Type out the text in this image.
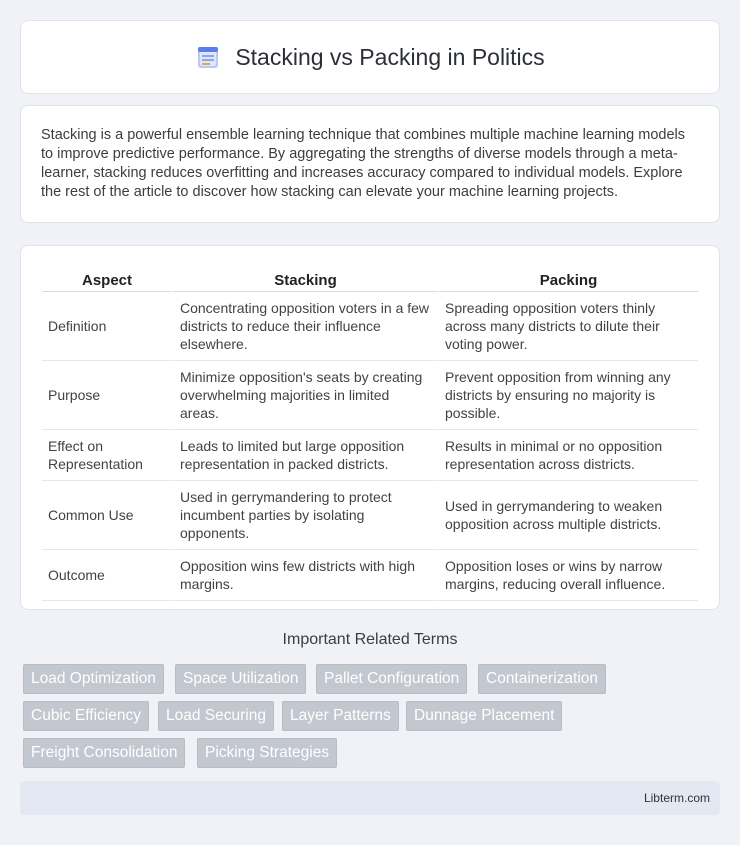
Stacking vs Packing in Politics

Stacking is a powerful ensemble learning technique that combines multiple machine learning models to improve predictive performance. By aggregating the strengths of diverse models through a meta-learner, stacking reduces overfitting and increases accuracy compared to individual models. Explore the rest of the article to discover how stacking can elevate your machine learning projects.

Aspect	Stacking	Packing
Definition	Concentrating opposition voters in a few districts to reduce their influence elsewhere.	Spreading opposition voters thinly across many districts to dilute their voting power.
Purpose	Minimize opposition's seats by creating overwhelming majorities in limited areas.	Prevent opposition from winning any districts by ensuring no majority is possible.
Effect on Representation	Leads to limited but large opposition representation in packed districts.	Results in minimal or no opposition representation across districts.
Common Use	Used in gerrymandering to protect incumbent parties by isolating opponents.	Used in gerrymandering to weaken opposition across multiple districts.
Outcome	Opposition wins few districts with high margins.	Opposition loses or wins by narrow margins, reducing overall influence.
Important Related Terms
Load Optimization	Space Utilization	Pallet Configuration	Containerization
Cubic Efficiency	Load Securing	Layer Patterns	Dunnage Placement
Freight Consolidation	Picking Strategies
Libterm.com
